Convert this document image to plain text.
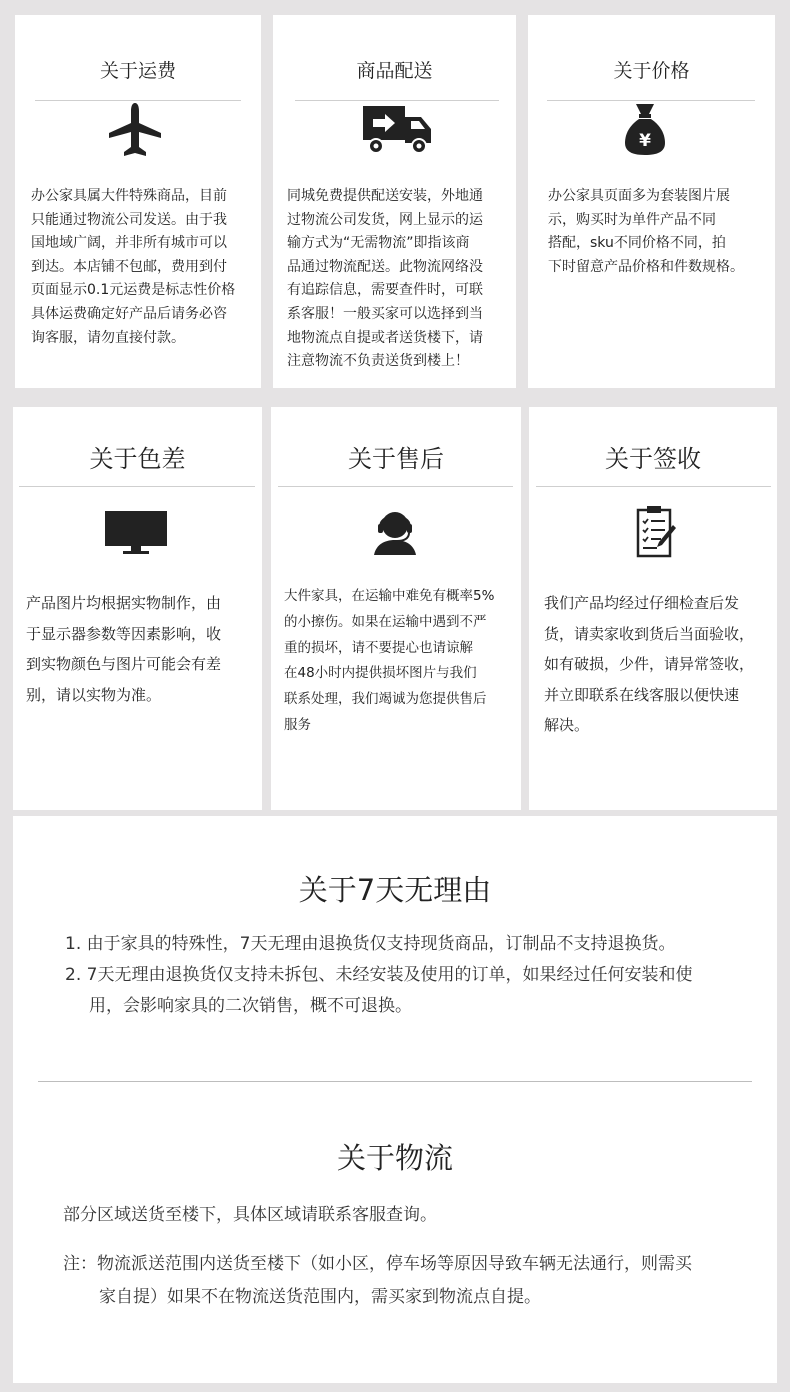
关于运费
办公家具属大件特殊商品，目前
只能通过物流公司发送。由于我
国地域广阔，并非所有城市可以
到达。本店铺不包邮，费用到付
页面显示0.1元运费是标志性价格
具体运费确定好产品后请务必咨
询客服，请勿直接付款。
商品配送
同城免费提供配送安装，外地通
过物流公司发货，网上显示的运
输方式为“无需物流”即指该商
品通过物流配送。此物流网络没
有追踪信息，需要查件时，可联
系客服！一般买家可以选择到当
地物流点自提或者送货楼下，请
注意物流不负责送货到楼上！
关于价格
¥
办公家具页面多为套装图片展
示，购买时为单件产品不同
搭配，sku不同价格不同，拍
下时留意产品价格和件数规格。
关于色差
产品图片均根据实物制作，由
于显示器参数等因素影响，收
到实物颜色与图片可能会有差
别，请以实物为准。
关于售后
大件家具，在运输中难免有概率5%
的小擦伤。如果在运输中遇到不严
重的损坏，请不要提心也请谅解
在48小时内提供损坏图片与我们
联系处理，我们竭诚为您提供售后
服务
关于签收
我们产品均经过仔细检查后发
货，请卖家收到货后当面验收，
如有破损，少件，请异常签收，
并立即联系在线客服以便快速
解决。
关于7天无理由
1. 由于家具的特殊性，7天无理由退换货仅支持现货商品，订制品不支持退换货。
2. 7天无理由退换货仅支持未拆包、未经安装及使用的订单，如果经过任何安装和使
用，会影响家具的二次销售，概不可退换。
关于物流
部分区域送货至楼下，具体区域请联系客服查询。
注：物流派送范围内送货至楼下（如小区，停车场等原因导致车辆无法通行，则需买
家自提）如果不在物流送货范围内，需买家到物流点自提。
